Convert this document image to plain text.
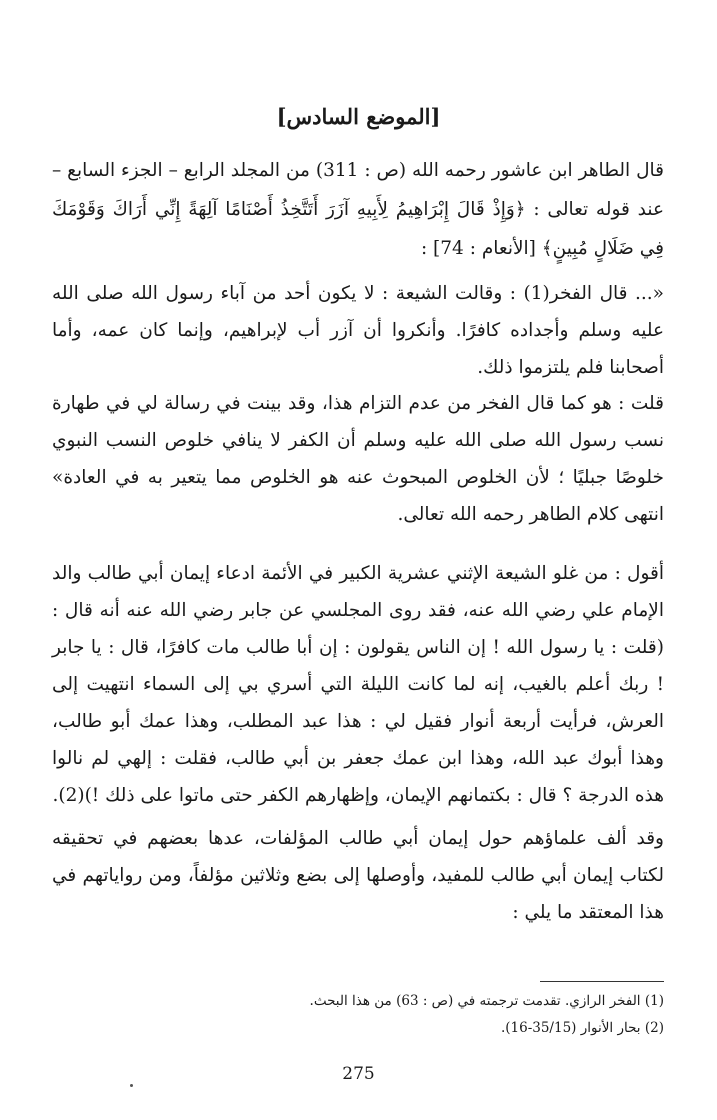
[الموضع السادس]

قال الطاهر ابن عاشور رحمه الله (ص : 311) من المجلد الرابع – الجزء السابع – عند قوله تعالى : ﴿وَإِذْ قَالَ إِبْرَاهِيمُ لِأَبِيهِ آزَرَ أَتَتَّخِذُ أَصْنَامًا آلِهَةً إِنِّي أَرَاكَ وَقَوْمَكَ فِي ضَلَالٍ مُبِينٍ﴾ [الأنعام : 74] :

«... قال الفخر(1) : وقالت الشيعة : لا يكون أحد من آباء رسول الله صلى الله عليه وسلم وأجداده كافرًا. وأنكروا أن آزر أب لإبراهيم، وإنما كان عمه، وأما أصحابنا فلم يلتزموا ذلك.

قلت : هو كما قال الفخر من عدم التزام هذا، وقد بينت في رسالة لي في طهارة نسب رسول الله صلى الله عليه وسلم أن الكفر لا ينافي خلوص النسب النبوي خلوصًا جبليًا ؛ لأن الخلوص المبحوث عنه هو الخلوص مما يتعير به في العادة» انتهى كلام الطاهر رحمه الله تعالى.

أقول : من غلو الشيعة الإثني عشرية الكبير في الأئمة ادعاء إيمان أبي طالب والد الإمام علي رضي الله عنه، فقد روى المجلسي عن جابر رضي الله عنه أنه قال : (قلت : يا رسول الله ! إن الناس يقولون : إن أبا طالب مات كافرًا، قال : يا جابر ! ربك أعلم بالغيب، إنه لما كانت الليلة التي أسري بي إلى السماء انتهيت إلى العرش، فرأيت أربعة أنوار فقيل لي : هذا عبد المطلب، وهذا عمك أبو طالب، وهذا أبوك عبد الله، وهذا ابن عمك جعفر بن أبي طالب، فقلت : إلهي لم نالوا هذه الدرجة ؟ قال : بكتمانهم الإيمان، وإظهارهم الكفر حتى ماتوا على ذلك !)(2).

وقد ألف علماؤهم حول إيمان أبي طالب المؤلفات، عدها بعضهم في تحقيقه لكتاب إيمان أبي طالب للمفيد، وأوصلها إلى بضع وثلاثين مؤلفاً، ومن رواياتهم في هذا المعتقد ما يلي :

(1) الفخر الرازي. تقدمت ترجمته في (ص : 63) من هذا البحث.

(2) بحار الأنوار (35/15-16).

275
